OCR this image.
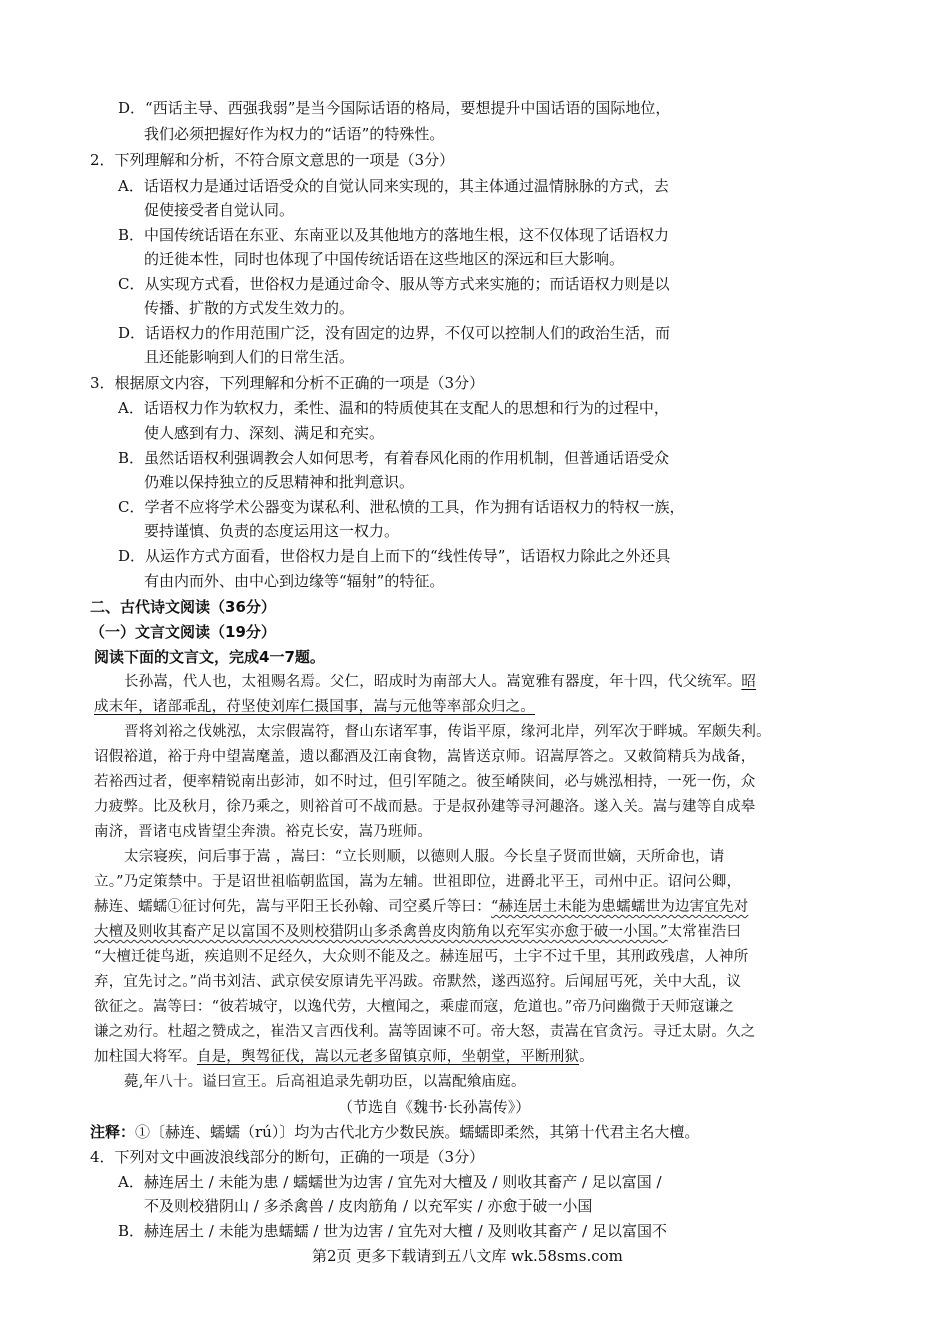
D．“西话主导、西强我弱”是当今国际话语的格局，要想提升中国话语的国际地位，
我们必须把握好作为权力的“话语”的特殊性。
2．下列理解和分析，不符合原文意思的一项是（3分）
A．话语权力是通过话语受众的自觉认同来实现的，其主体通过温情脉脉的方式，去
促使接受者自觉认同。
B．中国传统话语在东亚、东南亚以及其他地方的落地生根，这不仅体现了话语权力
的迁徙本性，同时也体现了中国传统话语在这些地区的深远和巨大影响。
C．从实现方式看，世俗权力是通过命令、服从等方式来实施的；而话语权力则是以
传播、扩散的方式发生效力的。
D．话语权力的作用范围广泛，没有固定的边界，不仅可以控制人们的政治生活，而
且还能影响到人们的日常生活。
3．根据原文内容，下列理解和分析不正确的一项是（3分）
A．话语权力作为软权力，柔性、温和的特质使其在支配人的思想和行为的过程中，
使人感到有力、深刻、满足和充实。
B．虽然话语权利强调教会人如何思考，有着春风化雨的作用机制，但普通话语受众
仍难以保持独立的反思精神和批判意识。
C．学者不应将学术公器变为谋私利、泄私愤的工具，作为拥有话语权力的特权一族，
要持谨慎、负责的态度运用这一权力。
D．从运作方式方面看，世俗权力是自上而下的“线性传导”，话语权力除此之外还具
有由内而外、由中心到边缘等“辐射”的特征。
二、古代诗文阅读（36分）
（一）文言文阅读（19分）
阅读下面的文言文，完成4一7题。
长孙嵩，代人也，太祖赐名焉。父仁，昭成时为南部大人。嵩宽雅有器度，年十四，代父统军。昭
成末年，诸部乖乱，苻坚使刘库仁摄国事，嵩与元他等率部众归之。
晋将刘裕之伐姚泓，太宗假嵩符，督山东诸军事，传诣平原，缘河北岸，列军次于畔城。军颇失利。
诏假裕道，裕于舟中望嵩麾盖，遗以鄱酒及江南食物，嵩皆送京师。诏嵩厚答之。又敕简精兵为战备，
若裕西过者，便率精锐南出彭沛，如不时过，但引军随之。彼至崤陕间，必与姚泓相持，一死一伤，众
力疲弊。比及秋月，徐乃乘之，则裕首可不战而悬。于是叔孙建等寻河趣洛。遂入关。嵩与建等自成皋
南济，晋诸屯戍皆望尘奔溃。裕克长安，嵩乃班师。
太宗寝疾，问后事于嵩 ，嵩曰：“立长则顺，以德则人服。今长皇子贤而世嫡，天所命也，请
立。”乃定策禁中。于是诏世祖临朝监国，嵩为左辅。世祖即位，进爵北平王，司州中正。诏问公卿，
赫连、蠕蠕①征讨何先，嵩与平阳王长孙翰、司空奚斤等曰：“赫连居土未能为患蠕蠕世为边害宜先对
大檀及则收其畜产足以富国不及则校猎阴山多杀禽兽皮肉筋角以充军实亦愈于破一小国。”太常崔浩曰
“大檀迁徙鸟逝，疾追则不足经久，大众则不能及之。赫连屈丐，土宇不过千里，其刑政残虐，人神所
弃，宜先讨之。”尚书刘洁、武京侯安原请先平冯跋。帝默然，遂西巡狩。后闻屈丐死，关中大乱，议
欲征之。嵩等曰：“彼若城守，以逸代劳，大檀闻之，乘虚而寇，危道也。”帝乃问幽微于天师寇谦之
谦之劝行。杜超之赞成之，崔浩又言西伐利。嵩等固谏不可。帝大怒，责嵩在官贪污。寻迁太尉。久之
加柱国大将军。自是，舆驾征伐，嵩以元老多留镇京师，坐朝堂，平断刑狱。
薨,年八十。谥曰宣王。后高祖追录先朝功臣，以嵩配飨庙庭。
（节选自《魏书·长孙嵩传》）
注释：①〔赫连、蠕蠕（rú）〕均为古代北方少数民族。蠕蠕即柔然，其第十代君主名大檀。
4．下列对文中画波浪线部分的断句，正确的一项是（3分）
A．赫连居土 / 未能为患 / 蠕蠕世为边害 / 宜先对大檀及 / 则收其畜产 / 足以富国 /
不及则校猎阴山 / 多杀禽兽 / 皮肉筋角 / 以充军实 / 亦愈于破一小国
B．赫连居土 / 未能为患蠕蠕 / 世为边害 / 宜先对大檀 / 及则收其畜产 / 足以富国不
第2页 更多下载请到五八文库 wk.58sms.com
